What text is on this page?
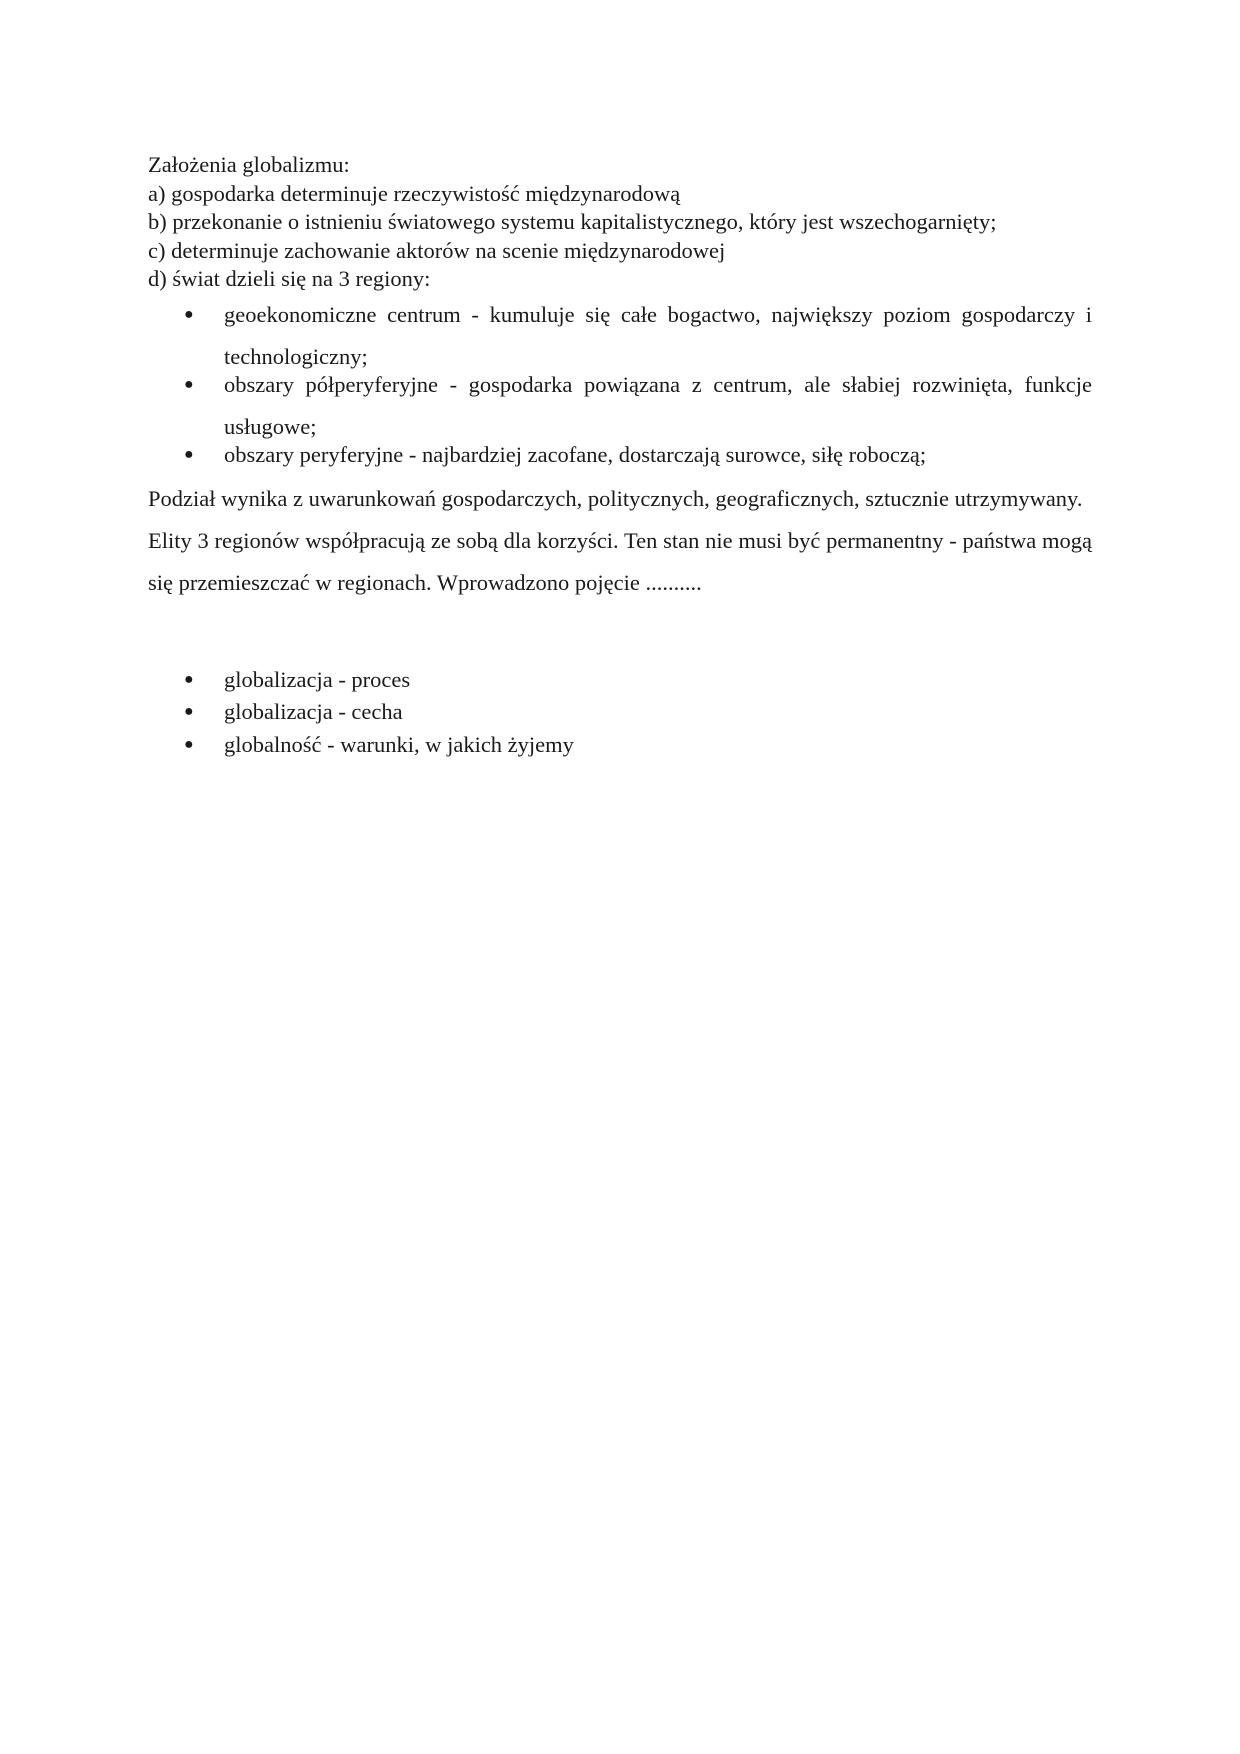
Założenia globalizmu:

a) gospodarka determinuje rzeczywistość międzynarodową

b) przekonanie o istnieniu światowego systemu kapitalistycznego, który jest wszechogarnięty;

c) determinuje zachowanie aktorów na scenie międzynarodowej

d) świat dzieli się na 3 regiony:

● geoekonomiczne centrum - kumuluje się całe bogactwo, największy poziom gospodarczy i technologiczny;
● obszary półperyferyjne - gospodarka powiązana z centrum, ale słabiej rozwinięta, funkcje usługowe;
● obszary peryferyjne - najbardziej zacofane, dostarczają surowce, siłę roboczą;

Podział wynika z uwarunkowań gospodarczych, politycznych, geograficznych, sztucznie utrzymywany.

Elity 3 regionów współpracują ze sobą dla korzyści. Ten stan nie musi być permanentny - państwa mogą się przemieszczać w regionach. Wprowadzono pojęcie ..........

● globalizacja - proces
● globalizacja - cecha
● globalność - warunki, w jakich żyjemy
